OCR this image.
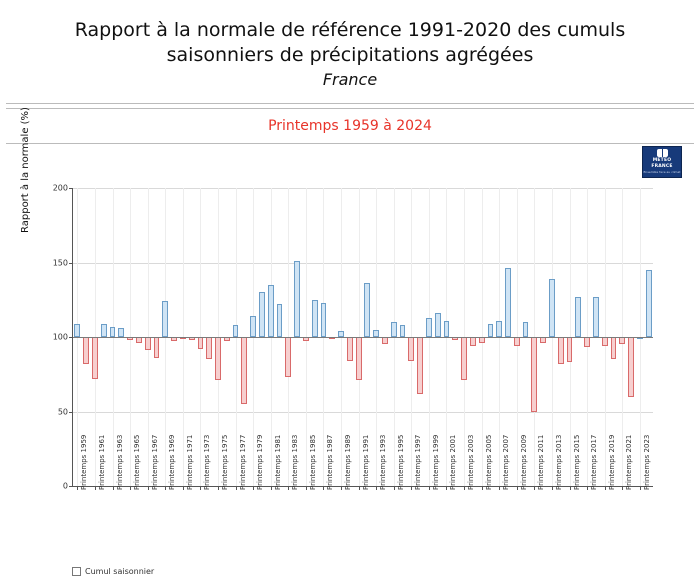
Rapport à la normale de référence 1991-2020 des cumuls
saisonniers de précipitations agrégées
France
Printemps 1959 à 2024
METEO
FRANCE
Ensemble face au climat
Rapport à la normale (%)
0
50
100
150
200
Printemps 1959 Printemps 1961 Printemps 1963 Printemps 1965 Printemps 1967 Printemps 1969 Printemps 1971 Printemps 1973 Printemps 1975 Printemps 1977 Printemps 1979 Printemps 1981 Printemps 1983 Printemps 1985 Printemps 1987 Printemps 1989 Printemps 1991 Printemps 1993 Printemps 1995 Printemps 1997 Printemps 1999 Printemps 2001 Printemps 2003 Printemps 2005 Printemps 2007 Printemps 2009 Printemps 2011 Printemps 2013 Printemps 2015 Printemps 2017 Printemps 2019 Printemps 2021 Printemps 2023
Cumul saisonnier
